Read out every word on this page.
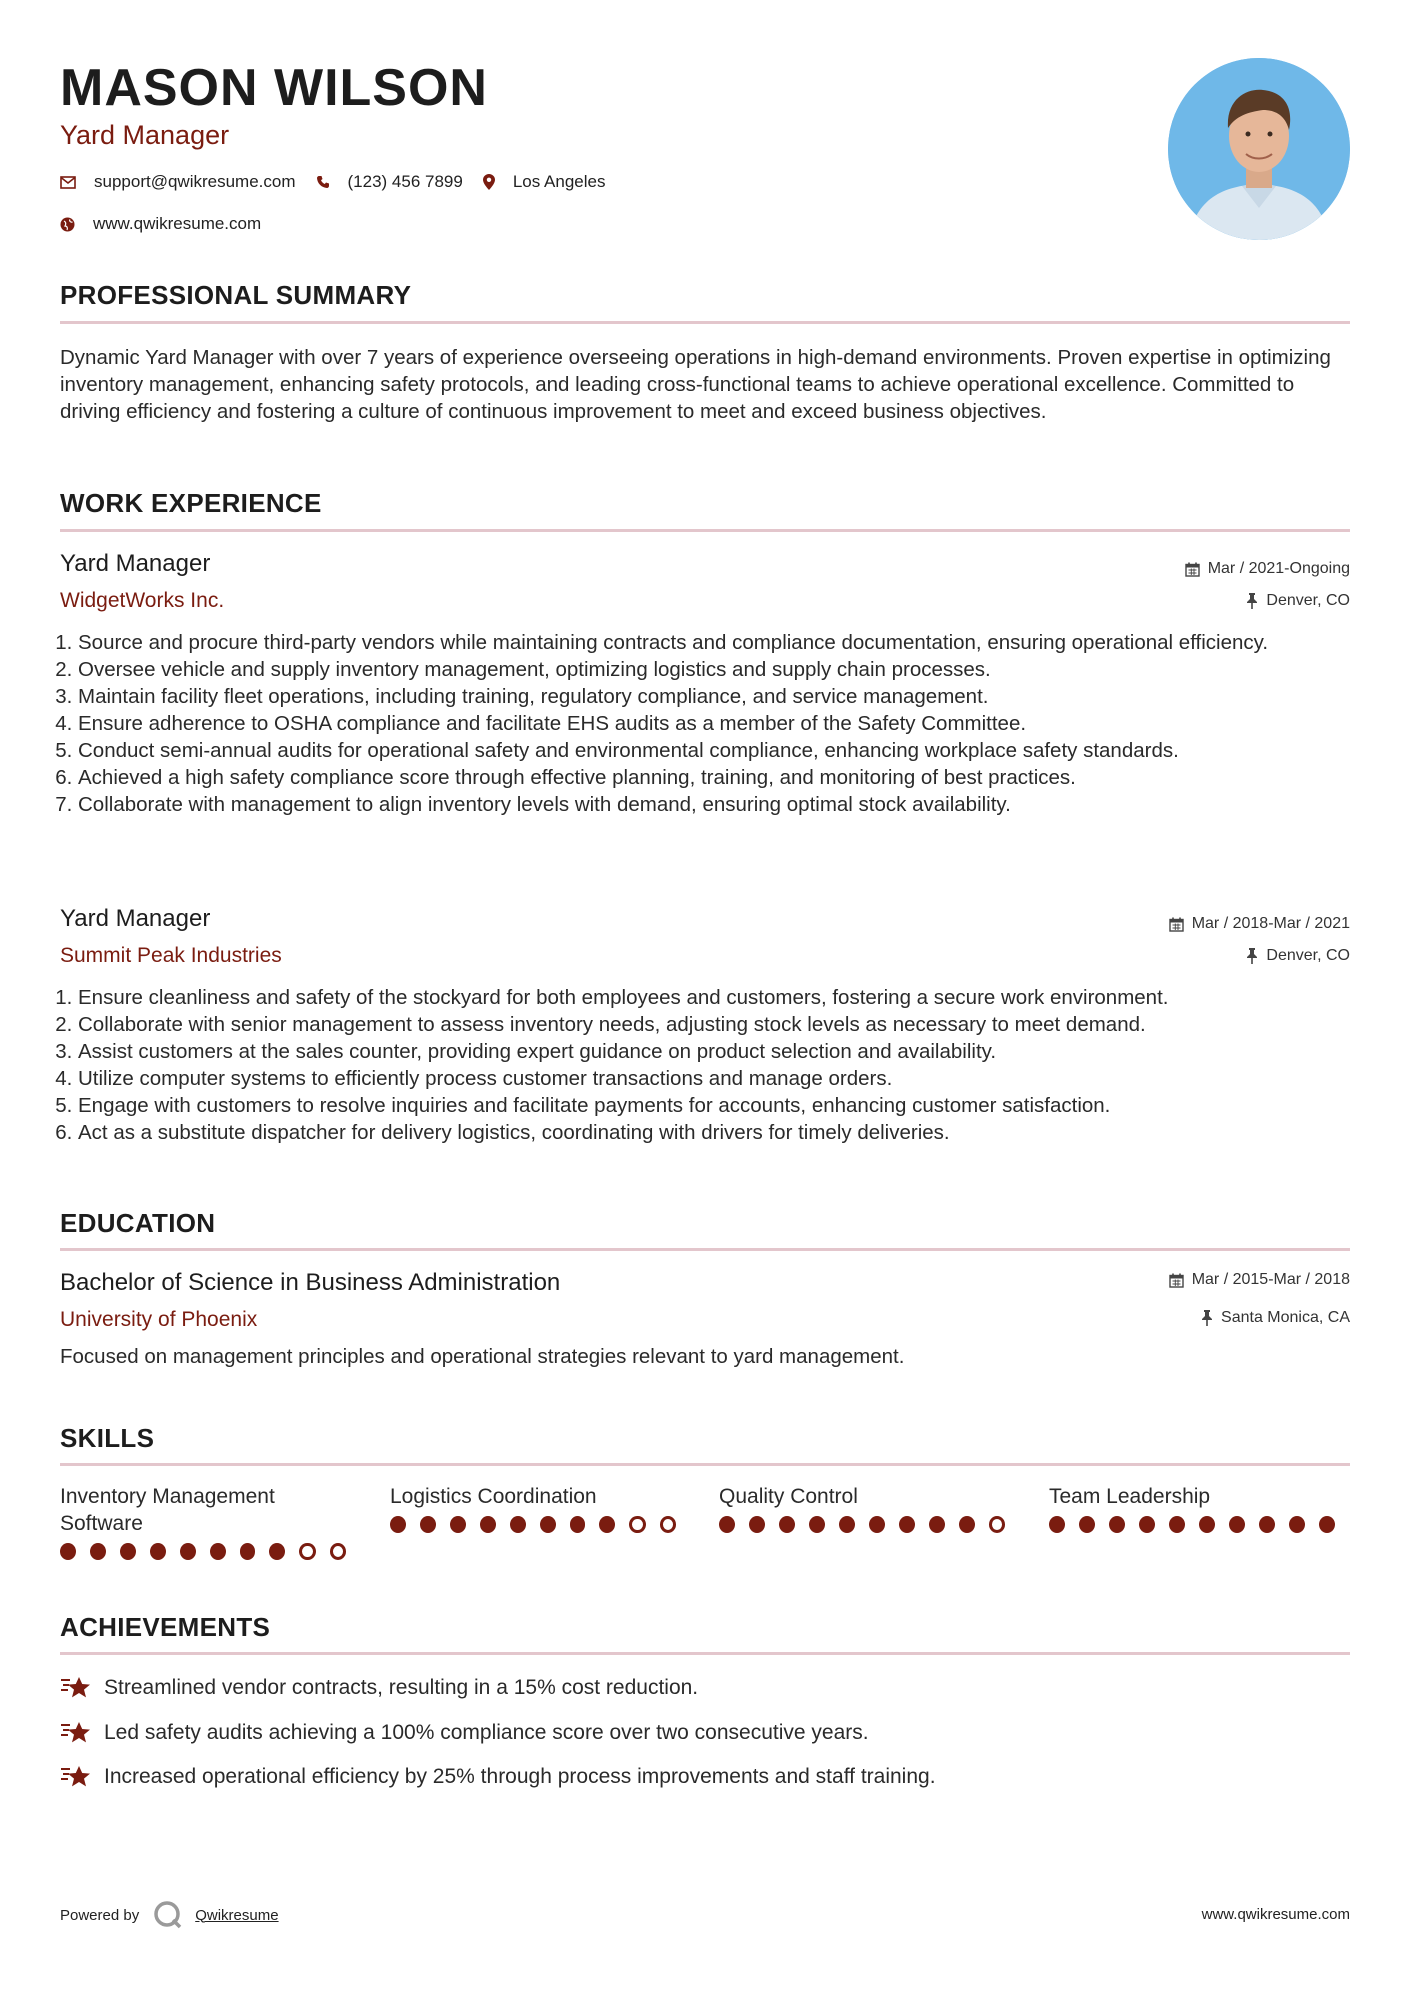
MASON WILSON
Yard Manager
support@qwikresume.com	(123) 456 7899	Los Angeles
www.qwikresume.com
PROFESSIONAL SUMMARY
Dynamic Yard Manager with over 7 years of experience overseeing operations in high-demand environments. Proven expertise in optimizing inventory management, enhancing safety protocols, and leading cross-functional teams to achieve operational excellence. Committed to driving efficiency and fostering a culture of continuous improvement to meet and exceed business objectives.
WORK EXPERIENCE
Yard Manager	Mar / 2021-Ongoing
WidgetWorks Inc.	Denver, CO
1. Source and procure third-party vendors while maintaining contracts and compliance documentation, ensuring operational efficiency.
2. Oversee vehicle and supply inventory management, optimizing logistics and supply chain processes.
3. Maintain facility fleet operations, including training, regulatory compliance, and service management.
4. Ensure adherence to OSHA compliance and facilitate EHS audits as a member of the Safety Committee.
5. Conduct semi-annual audits for operational safety and environmental compliance, enhancing workplace safety standards.
6. Achieved a high safety compliance score through effective planning, training, and monitoring of best practices.
7. Collaborate with management to align inventory levels with demand, ensuring optimal stock availability.
Yard Manager	Mar / 2018-Mar / 2021
Summit Peak Industries	Denver, CO
1. Ensure cleanliness and safety of the stockyard for both employees and customers, fostering a secure work environment.
2. Collaborate with senior management to assess inventory needs, adjusting stock levels as necessary to meet demand.
3. Assist customers at the sales counter, providing expert guidance on product selection and availability.
4. Utilize computer systems to efficiently process customer transactions and manage orders.
5. Engage with customers to resolve inquiries and facilitate payments for accounts, enhancing customer satisfaction.
6. Act as a substitute dispatcher for delivery logistics, coordinating with drivers for timely deliveries.
EDUCATION
Bachelor of Science in Business Administration	Mar / 2015-Mar / 2018
University of Phoenix	Santa Monica, CA
Focused on management principles and operational strategies relevant to yard management.
SKILLS
Inventory Management Software
Logistics Coordination	Quality Control	Team Leadership
ACHIEVEMENTS
Streamlined vendor contracts, resulting in a 15% cost reduction.
Led safety audits achieving a 100% compliance score over two consecutive years.
Increased operational efficiency by 25% through process improvements and staff training.
Powered by	Qwikresume	www.qwikresume.com
